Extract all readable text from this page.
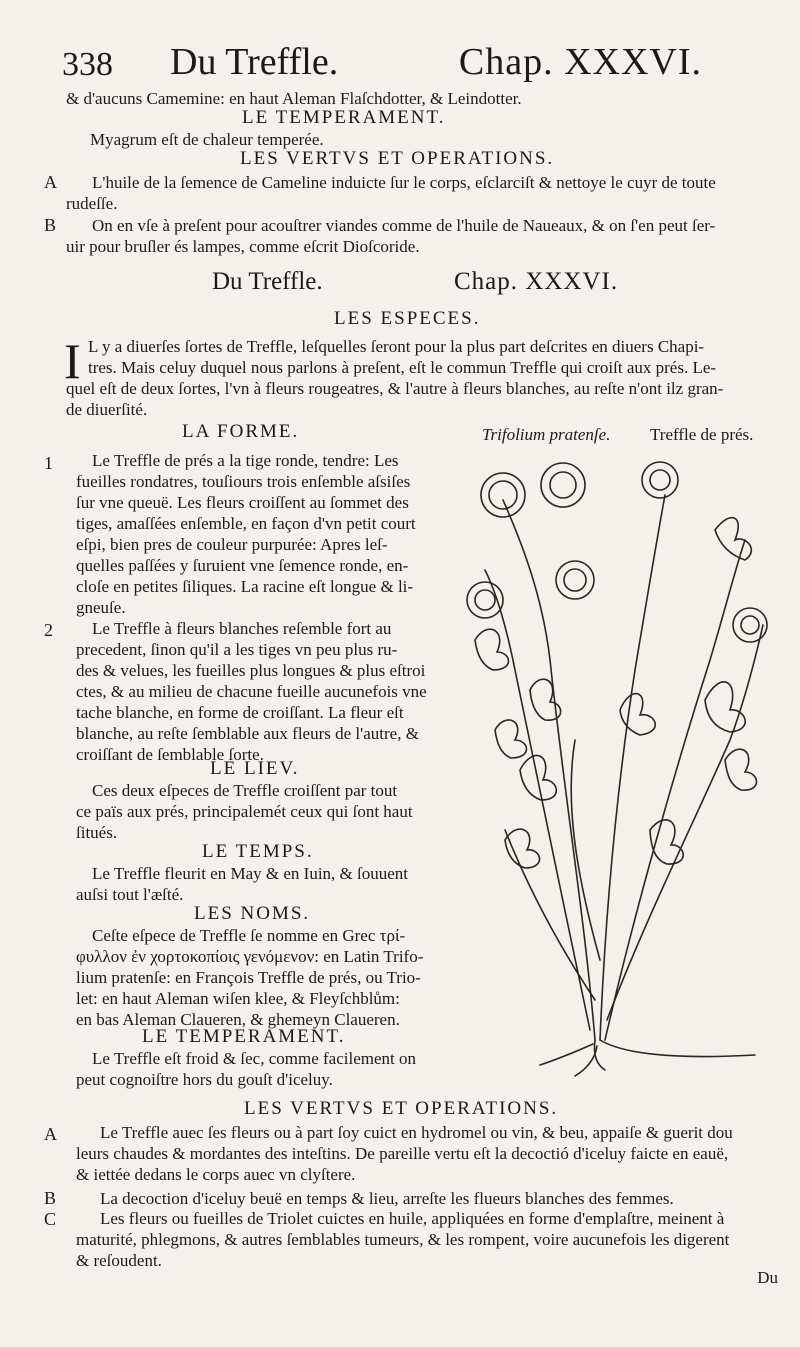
338 Du Treffle.	Chap. XXXVI.
& d'aucuns Camemine: en haut Aleman Flaſchdotter, & Leindotter.
LE TEMPERAMENT.
Myagrum eſt de chaleur temperée.
LES VERTVS ET OPERATIONS.
A L'huile de la ſemence de Cameline induicte ſur le corps, eſclarciſt & nettoye le cuyr de toute
rudeſſe.
B On en vſe à preſent pour acouſtrer viandes comme de l'huile de Naueaux, & on ſ'en peut ſer-
uir pour bruſler és lampes, comme eſcrit Dioſcoride.
Du Treffle.	Chap. XXXVI.
LES ESPECES.
I L y a diuerſes ſortes de Treffle, leſquelles ſeront pour la plus part deſcrites en diuers Chapi-
tres. Mais celuy duquel nous parlons à preſent, eſt le commun Treffle qui croiſt aux prés. Le-
quel eſt de deux ſortes, l'vn à fleurs rougeatres, & l'autre à fleurs blanches, au reſte n'ont ilz gran-
de diuerſité.
LA FORME.	Trifolium pratenſe. Treffle de prés.
1 Le Treffle de prés a la tige ronde, tendre: Les
fueilles rondatres, touſiours trois enſemble aſsiſes
ſur vne queuë. Les fleurs croiſſent au ſommet des
tiges, amaſſées enſemble, en façon d'vn petit court
eſpi, bien pres de couleur purpurée: Apres leſ-
quelles paſſées y ſuruient vne ſemence ronde, en-
cloſe en petites ſiliques. La racine eſt longue & li-
gneuſe.
2 Le Treffle à fleurs blanches reſemble fort au
precedent, ſinon qu'il a les tiges vn peu plus ru-
des & velues, les fueilles plus longues & plus eſtroi
ctes, & au milieu de chacune fueille aucunefois vne
tache blanche, en forme de croiſſant. La fleur eſt
blanche, au reſte ſemblable aux fleurs de l'autre, &
croiſſant de ſemblable ſorte.
LE LIEV.
Ces deux eſpeces de Treffle croiſſent par tout
ce païs aux prés, principalemét ceux qui ſont haut
ſitués.
LE TEMPS.
Le Treffle fleurit en May & en Iuin, & ſouuent
auſsi tout l'æſté.
LES NOMS.
Ceſte eſpece de Treffle ſe nomme en Grec τρί-
φυλλον ἐν χορτοκοπίοις γενόμενον: en Latin Trifo-
lium pratenſe: en François Treffle de prés, ou Trio-
let: en haut Aleman wiſen klee, & Fleyſchblům:
en bas Aleman Claueren, & ghemeyn Claueren.
LE TEMPERAMENT.
Le Treffle eſt froid & ſec, comme facilement on
peut cognoiſtre hors du gouſt d'iceluy.
LES VERTVS ET OPERATIONS.
A	Le Treffle auec ſes fleurs ou à part ſoy cuict en hydromel ou vin, & beu, appaiſe & guerit dou
leurs chaudes & mordantes des inteſtins. De pareille vertu eſt la decoctió d'iceluy faicte en eauë,
& iettée dedans le corps auec vn clyſtere.
B	La decoction d'iceluy beuë en temps & lieu, arreſte les flueurs blanches des femmes.
C	Les fleurs ou fueilles de Triolet cuictes en huile, appliquées en forme d'emplaſtre, meinent à
maturité, phlegmons, & autres ſemblables tumeurs, & les rompent, voire aucunefois les digerent
& reſoudent.
Du
